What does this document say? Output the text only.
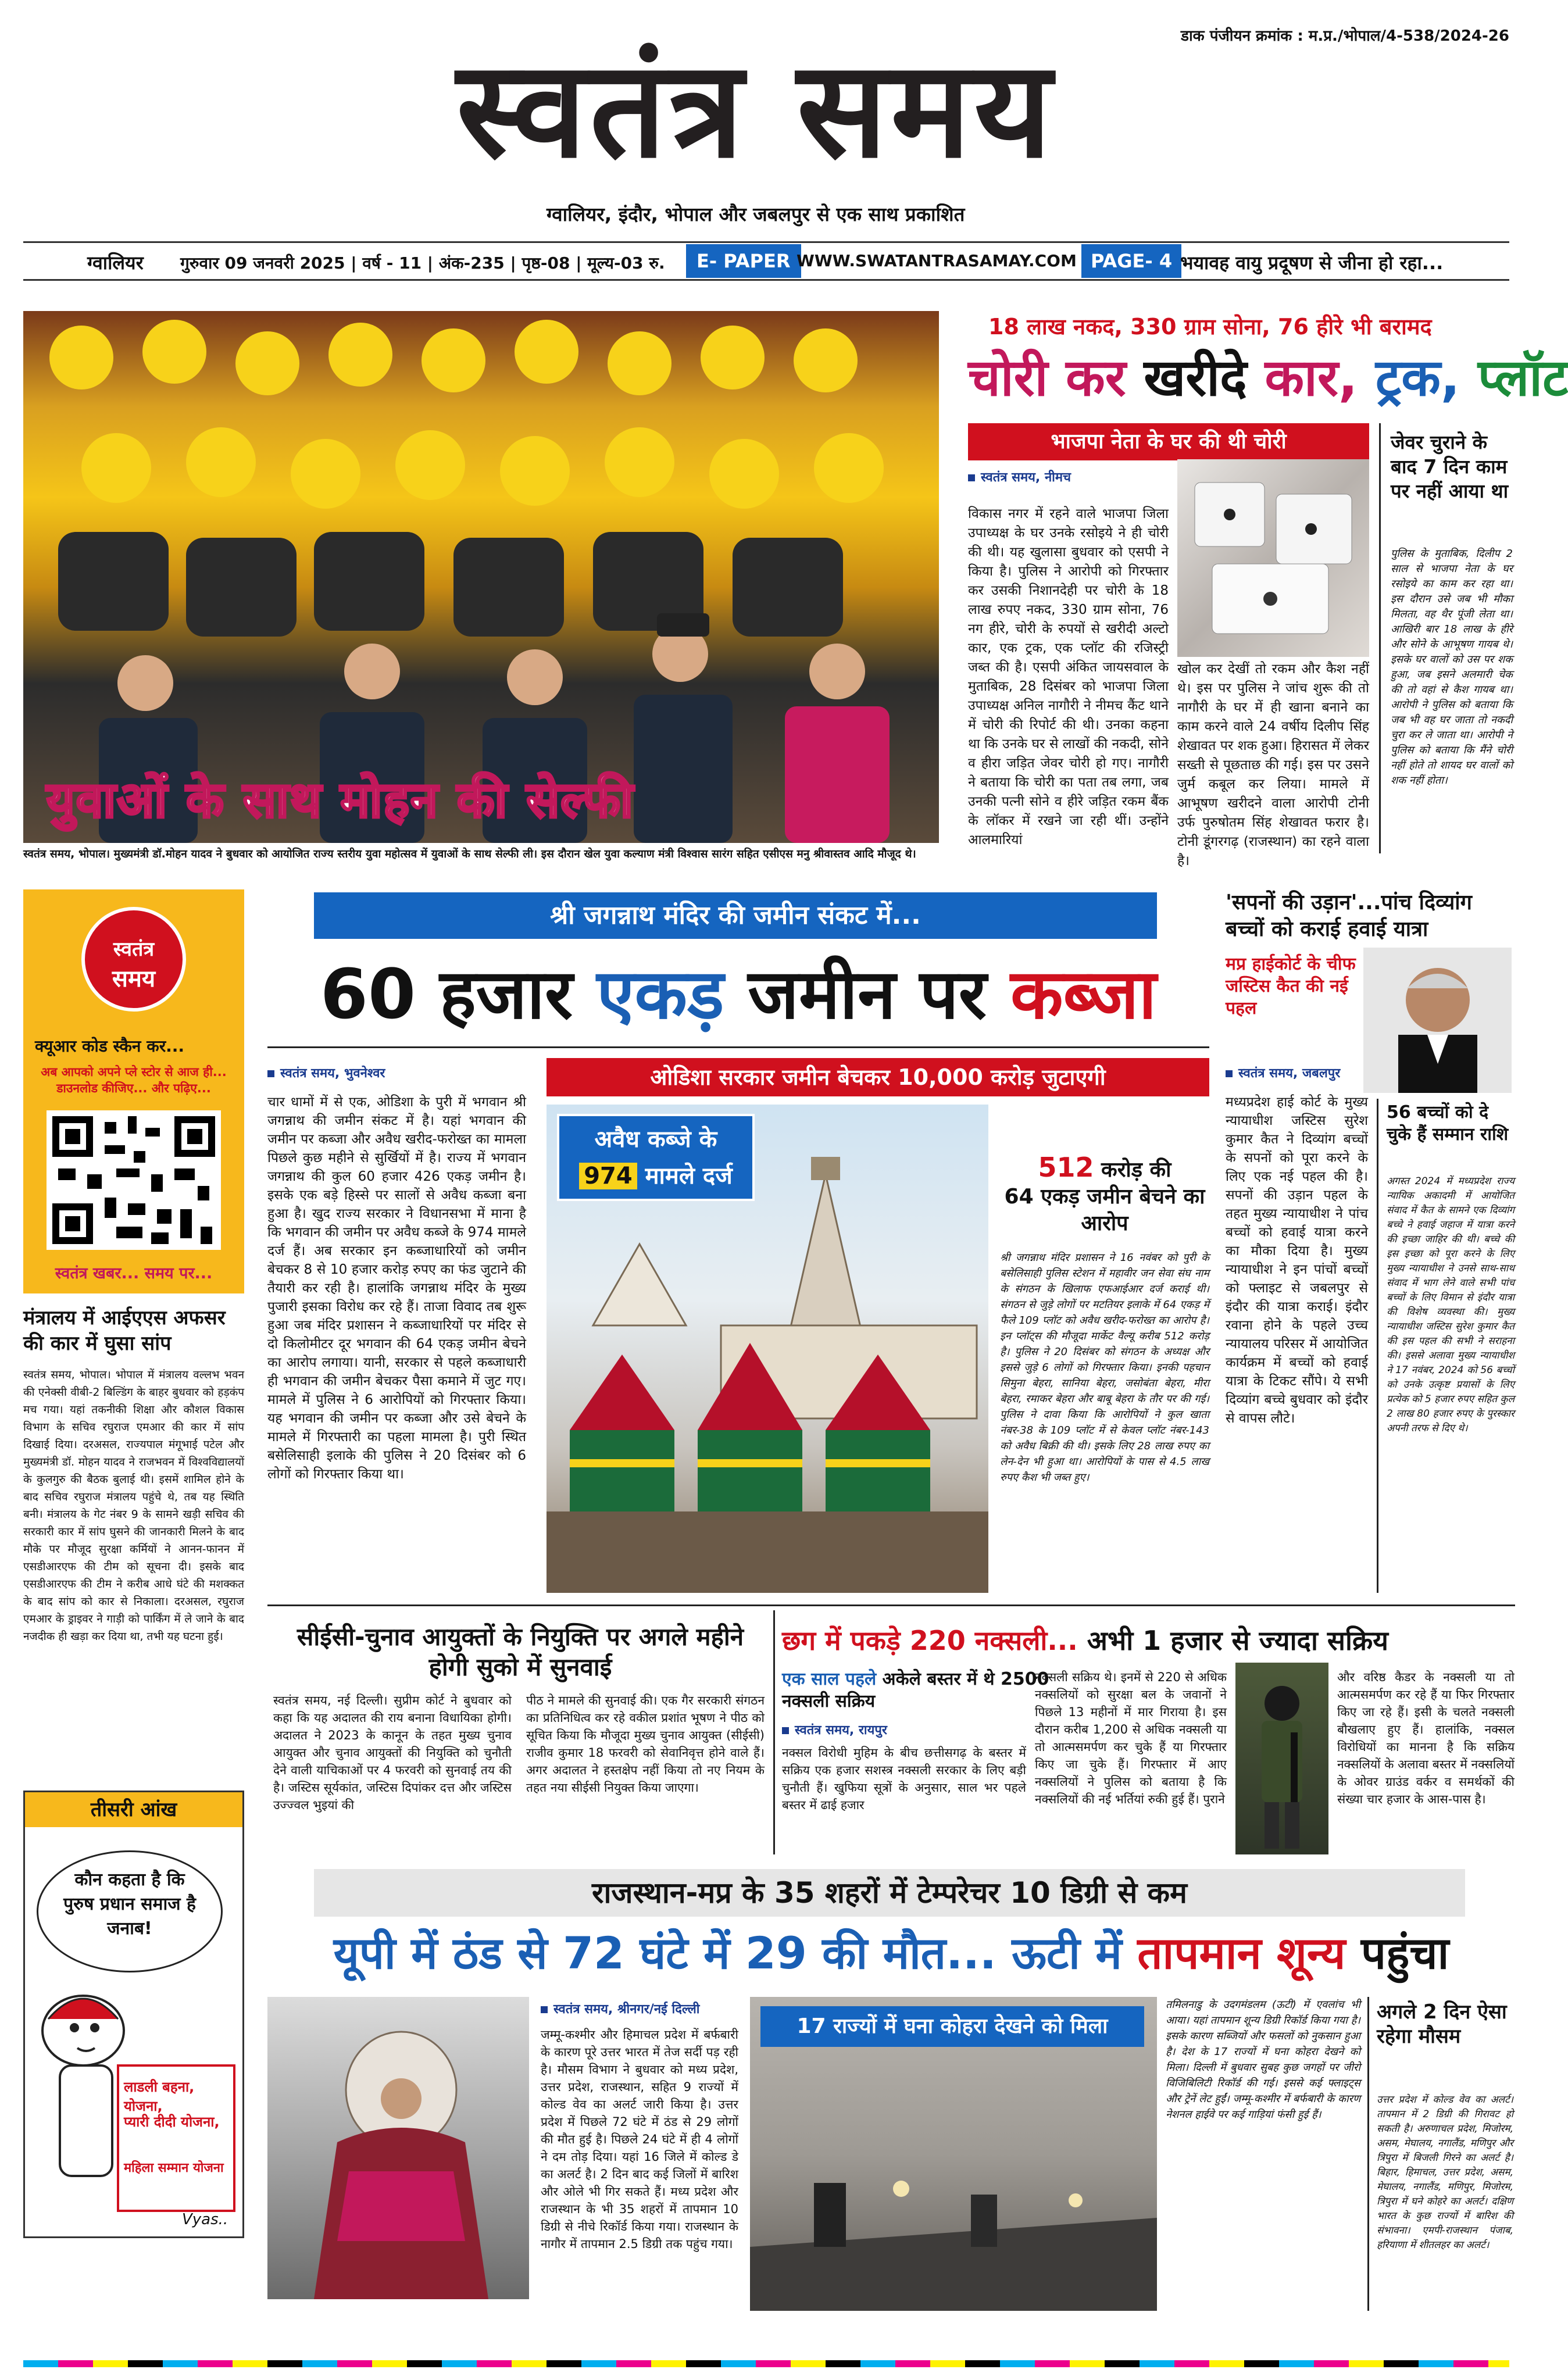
डाक पंजीयन क्रमांक : म.प्र./भोपाल/4-538/2024-26
स्वतंत्र समय
ग्वालियर, इंदौर, भोपाल और जबलपुर से एक साथ प्रकाशित
ग्वालियर गुरुवार 09 जनवरी 2025 | वर्ष - 11 | अंक-235 | पृष्ठ-08 | मूल्य-03 रु.	E- PAPER WWW.SWATANTRASAMAY.COM PAGE- 4 भयावह वायु प्रदूषण से जीना हो रहा...
युवाओं के साथ मोहन की सेल्फी
स्वतंत्र समय, भोपाल। मुख्यमंत्री डॉ.मोहन यादव ने बुधवार को आयोजित राज्य स्तरीय युवा महोत्सव में युवाओं के साथ सेल्फी ली। इस दौरान खेल युवा कल्याण मंत्री विश्वास सारंग सहित एसीएस मनु श्रीवास्तव आदि मौजूद थे।
18 लाख नकद, 330 ग्राम सोना, 76 हीरे भी बरामद
चोरी कर खरीदे कार, ट्रक, प्लॉट
भाजपा नेता के घर की थी चोरी
स्वतंत्र समय, नीमच
विकास नगर में रहने वाले भाजपा जिला उपाध्यक्ष के घर उनके रसोइये ने ही चोरी की थी। यह खुलासा बुधवार को एसपी ने किया है। पुलिस ने आरोपी को गिरफ्तार कर उसकी निशानदेही पर चोरी के 18 लाख रुपए नकद, 330 ग्राम सोना, 76 नग हीरे, चोरी के रुपयों से खरीदी अल्टो कार, एक ट्रक, एक प्लॉट की रजिस्ट्री जब्त की है। एसपी अंकित जायसवाल के मुताबिक, 28 दिसंबर को भाजपा जिला उपाध्यक्ष अनिल नागौरी ने नीमच कैंट थाने में चोरी की रिपोर्ट की थी। उनका कहना था कि उनके घर से लाखों की नकदी, सोने व हीरा जड़ित जेवर चोरी हो गए। नागौरी ने बताया कि चोरी का पता तब लगा, जब उनकी पत्नी सोने व हीरे जड़ित रकम बैंक के लॉकर में रखने जा रही थीं। उन्होंने आलमारियां
खोल कर देखीं तो रकम और कैश नहीं थे। इस पर पुलिस ने जांच शुरू की तो नागौरी के घर में ही खाना बनाने का काम करने वाले 24 वर्षीय दिलीप सिंह शेखावत पर शक हुआ। हिरासत में लेकर सख्ती से पूछताछ की गई। इस पर उसने जुर्म कबूल कर लिया। मामले में आभूषण खरीदने वाला आरोपी टोनी उर्फ पुरुषोतम सिंह शेखावत फरार है। टोनी डूंगरगढ़ (राजस्थान) का रहने वाला है।
जेवर चुराने के बाद 7 दिन काम पर नहीं आया था
पुलिस के मुताबिक, दिलीप 2 साल से भाजपा नेता के घर रसोइये का काम कर रहा था। इस दौरान उसे जब भी मौका मिलता, वह थैर पूंजी लेता था। आखिरी बार 18 लाख के हीरे और सोने के आभूषण गायब थे। इसके घर वालों को उस पर शक हुआ, जब इसने अलमारी चेक की तो वहां से कैश गायब था। आरोपी ने पुलिस को बताया कि जब भी वह घर जाता तो नकदी चुरा कर ले जाता था। आरोपी ने पुलिस को बताया कि मैंने चोरी नहीं होते तो शायद घर वालों को शक नहीं होता।
स्वतंत्र
समय
क्यूआर कोड स्कैन कर...
अब आपको अपने प्ले स्टोर से आज ही... डाउनलोड कीजिए... और पढ़िए...
स्वतंत्र खबर... समय पर...
मंत्रालय में आईएएस अफसर की कार में घुसा सांप
स्वतंत्र समय, भोपाल। भोपाल में मंत्रालय वल्लभ भवन की एनेक्सी वीबी-2 बिल्डिंग के बाहर बुधवार को हड़कंप मच गया। यहां तकनीकी शिक्षा और कौशल विकास विभाग के सचिव रघुराज एमआर की कार में सांप दिखाई दिया। दरअसल, राज्यपाल मंगूभाई पटेल और मुख्यमंत्री डॉ. मोहन यादव ने राजभवन में विश्वविद्यालयों के कुलगुरु की बैठक बुलाई थी। इसमें शामिल होने के बाद सचिव रघुराज मंत्रालय पहुंचे थे, तब यह स्थिति बनी। मंत्रालय के गेट नंबर 9 के सामने खड़ी सचिव की सरकारी कार में सांप घुसने की जानकारी मिलने के बाद मौके पर मौजूद सुरक्षा कर्मियों ने आनन-फानन में एसडीआरएफ की टीम को सूचना दी। इसके बाद एसडीआरएफ की टीम ने करीब आधे घंटे की मशक्कत के बाद सांप को कार से निकाला। दरअसल, रघुराज एमआर के ड्राइवर ने गाड़ी को पार्किंग में ले जाने के बाद नजदीक ही खड़ा कर दिया था, तभी यह घटना हुई।
तीसरी आंख
कौन कहता है कि पुरुष प्रधान समाज है जनाब!
लाडली बहना, योजना,
प्यारी दीदी योजना,
महिला सम्मान योजना
Vyas..
श्री जगन्नाथ मंदिर की जमीन संकट में...
60 हजार एकड़ जमीन पर कब्जा
स्वतंत्र समय, भुवनेश्वर
चार धामों में से एक, ओडिशा के पुरी में भगवान श्री जगन्नाथ की जमीन संकट में है। यहां भगवान की जमीन पर कब्जा और अवैध खरीद-फरोख्त का मामला पिछले कुछ महीने से सुर्खियों में है। राज्य में भगवान जगन्नाथ की कुल 60 हजार 426 एकड़ जमीन है। इसके एक बड़े हिस्से पर सालों से अवैध कब्जा बना हुआ है। खुद राज्य सरकार ने विधानसभा में माना है कि भगवान की जमीन पर अवैध कब्जे के 974 मामले दर्ज हैं। अब सरकार इन कब्जाधारियों को जमीन बेचकर 8 से 10 हजार करोड़ रुपए का फंड जुटाने की तैयारी कर रही है। हालांकि जगन्नाथ मंदिर के मुख्य पुजारी इसका विरोध कर रहे हैं। ताजा विवाद तब शुरू हुआ जब मंदिर प्रशासन ने कब्जाधारियों पर मंदिर से दो किलोमीटर दूर भगवान की 64 एकड़ जमीन बेचने का आरोप लगाया। यानी, सरकार से पहले कब्जाधारी ही भगवान की जमीन बेचकर पैसा कमाने में जुट गए। मामले में पुलिस ने 6 आरोपियों को गिरफ्तार किया। यह भगवान की जमीन पर कब्जा और उसे बेचने के मामले में गिरफ्तारी का पहला मामला है। पुरी स्थित बसेलिसाही इलाके की पुलिस ने 20 दिसंबर को 6 लोगों को गिरफ्तार किया था।
ओडिशा सरकार जमीन बेचकर 10,000 करोड़ जुटाएगी
अवैध कब्जे के
974 मामले दर्ज	512 करोड़ की
64 एकड़ जमीन बेचने का आरोप
श्री जगन्नाथ मंदिर प्रशासन ने 16 नवंबर को पुरी के बसेलिसाही पुलिस स्टेशन में महावीर जन सेवा संघ नाम के संगठन के खिलाफ एफआईआर दर्ज कराई थी। संगठन से जुड़े लोगों पर मटतियर इलाके में 64 एकड़ में फैले 109 प्लॉट को अवैध खरीद-फरोख्त का आरोप है। इन प्लॉट्स की मौजूदा मार्केट वैल्यू करीब 512 करोड़ है। पुलिस ने 20 दिसंबर को संगठन के अध्यक्ष और इससे जुड़े 6 लोगों को गिरफ्तार किया। इनकी पहचान सिमुना बेहरा, सानिया बेहरा, जसोबंता बेहरा, मीरा बेहरा, रमाकर बेहरा और बाबू बेहरा के तौर पर की गई। पुलिस ने दावा किया कि आरोपियों ने कुल खाता नंबर-38 के 109 प्लॉट में से केवल प्लॉट नंबर-143 को अवैध बिक्री की थी। इसके लिए 28 लाख रुपए का लेन-देन भी हुआ था। आरोपियों के पास से 4.5 लाख रुपए कैश भी जब्त हुए।
'सपनों की उड़ान'...पांच दिव्यांग बच्चों को कराई हवाई यात्रा
मप्र हाईकोर्ट के चीफ जस्टिस कैत की नई पहल
स्वतंत्र समय, जबलपुर
मध्यप्रदेश हाई कोर्ट के मुख्य न्यायाधीश जस्टिस सुरेश कुमार कैत ने दिव्यांग बच्चों के सपनों को पूरा करने के लिए एक नई पहल की है। सपनों की उड़ान पहल के तहत मुख्य न्यायाधीश ने पांच बच्चों को हवाई यात्रा करने का मौका दिया है। मुख्य न्यायाधीश ने इन पांचों बच्चों को फ्लाइट से जबलपुर से इंदौर की यात्रा कराई। इंदौर रवाना होने के पहले उच्च न्यायालय परिसर में आयोजित कार्यक्रम में बच्चों को हवाई यात्रा के टिकट सौंपे। ये सभी दिव्यांग बच्चे बुधवार को इंदौर से वापस लौटे।
56 बच्चों को दे चुके हैं सम्मान राशि
अगस्त 2024 में मध्यप्रदेश राज्य न्यायिक अकादमी में आयोजित संवाद में कैत के सामने एक दिव्यांग बच्चे ने हवाई जहाज में यात्रा करने की इच्छा जाहिर की थी। बच्चे की इस इच्छा को पूरा करने के लिए मुख्य न्यायाधीश ने उनसे साथ-साथ संवाद में भाग लेने वाले सभी पांच बच्चों के लिए विमान से इंदौर यात्रा की विशेष व्यवस्था की। मुख्य न्यायाधीश जस्टिस सुरेश कुमार कैत की इस पहल की सभी ने सराहना की। इससे अलावा मुख्य न्यायाधीश ने 17 नवंबर, 2024 को 56 बच्चों को उनके उत्कृष्ट प्रयासों के लिए प्रत्येक को 5 हजार रुपए सहित कुल 2 लाख 80 हजार रुपए के पुरस्कार अपनी तरफ से दिए थे।
सीईसी-चुनाव आयुक्तों के नियुक्ति पर अगले महीने होगी सुको में सुनवाई
स्वतंत्र समय, नई दिल्ली। सुप्रीम कोर्ट ने बुधवार को कहा कि यह अदालत की राय बनाना विधायिका होगी। अदालत ने 2023 के कानून के तहत मुख्य चुनाव आयुक्त और चुनाव आयुक्तों की नियुक्ति को चुनौती देने वाली याचिकाओं पर 4 फरवरी को सुनवाई तय की है। जस्टिस सूर्यकांत, जस्टिस दिपांकर दत्त और जस्टिस उज्ज्वल भुइयां की
पीठ ने मामले की सुनवाई की। एक गैर सरकारी संगठन का प्रतिनिधित्व कर रहे वकील प्रशांत भूषण ने पीठ को सूचित किया कि मौजूदा मुख्य चुनाव आयुक्त (सीईसी) राजीव कुमार 18 फरवरी को सेवानिवृत्त होने वाले हैं। अगर अदालत ने हस्तक्षेप नहीं किया तो नए नियम के तहत नया सीईसी नियुक्त किया जाएगा।
छग में पकड़े 220 नक्सली... अभी 1 हजार से ज्यादा सक्रिय
एक साल पहले अकेले बस्तर में थे 2500 नक्सली सक्रिय
स्वतंत्र समय, रायपुर
नक्सल विरोधी मुहिम के बीच छत्तीसगढ़ के बस्तर में सक्रिय एक हजार सशस्त्र नक्सली सरकार के लिए बड़ी चुनौती हैं। खुफिया सूत्रों के अनुसार, साल भर पहले बस्तर में ढाई हजार
नक्सली सक्रिय थे। इनमें से 220 से अधिक नक्सलियों को सुरक्षा बल के जवानों ने पिछले 13 महीनों में मार गिराया है। इस दौरान करीब 1,200 से अधिक नक्सली या तो आत्मसमर्पण कर चुके हैं या गिरफ्तार किए जा चुके हैं। गिरफ्तार में आए नक्सलियों ने पुलिस को बताया है कि नक्सलियों की नई भर्तियां रुकी हुई हैं। पुराने
और वरिष्ठ कैडर के नक्सली या तो आत्मसमर्पण कर रहे हैं या फिर गिरफ्तार किए जा रहे हैं। इसी के चलते नक्सली बौखलाए हुए हैं। हालांकि, नक्सल विरोधियों का मानना है कि सक्रिय नक्सलियों के अलावा बस्तर में नक्सलियों के ओवर ग्राउंड वर्कर व समर्थकों की संख्या चार हजार के आस-पास है।
राजस्थान-मप्र के 35 शहरों में टेम्परेचर 10 डिग्री से कम
यूपी में ठंड से 72 घंटे में 29 की मौत... ऊटी में तापमान शून्य पहुंचा
स्वतंत्र समय, श्रीनगर/नई दिल्ली
जम्मू-कश्मीर और हिमाचल प्रदेश में बर्फबारी के कारण पूरे उत्तर भारत में तेज सर्दी पड़ रही है। मौसम विभाग ने बुधवार को मध्य प्रदेश, उत्तर प्रदेश, राजस्थान, सहित 9 राज्यों में कोल्ड वेव का अलर्ट जारी किया है। उत्तर प्रदेश में पिछले 72 घंटे में ठंड से 29 लोगों की मौत हुई है। पिछले 24 घंटे में ही 4 लोगों ने दम तोड़ दिया। यहां 16 जिले में कोल्ड डे का अलर्ट है। 2 दिन बाद कई जिलों में बारिश और ओले भी गिर सकते हैं। मध्य प्रदेश और राजस्थान के भी 35 शहरों में तापमान 10 डिग्री से नीचे रिकॉर्ड किया गया। राजस्थान के नागौर में तापमान 2.5 डिग्री तक पहुंच गया।
17 राज्यों में घना कोहरा देखने को मिला
तमिलनाडु के उदगमंडलम (ऊटी) में एवलांच भी आया। यहां तापमान शून्य डिग्री रिकॉर्ड किया गया है। इसके कारण सब्जियों और फसलों को नुकसान हुआ है। देश के 17 राज्यों में घना कोहरा देखने को मिला। दिल्ली में बुधवार सुबह कुछ जगहों पर जीरो विजिबिलिटी रिकॉर्ड की गई। इससे कई फ्लाइट्स और ट्रेनें लेट हुईं। जम्मू-कश्मीर में बर्फबारी के कारण नेशनल हाईवे पर कई गाड़ियां फंसी हुई हैं।
अगले 2 दिन ऐसा रहेगा मौसम
उत्तर प्रदेश में कोल्ड वेव का अलर्ट। तापमान में 2 डिग्री की गिरावट हो सकती है। अरुणाचल प्रदेश, मिजोरम, असम, मेघालय, नगालैंड, मणिपुर और त्रिपुरा में बिजली गिरने का अलर्ट है। बिहार, हिमाचल, उत्तर प्रदेश, असम, मेघालय, नगालैंड, मणिपुर, मिजोरम, त्रिपुरा में घने कोहरे का अलर्ट। दक्षिण भारत के कुछ राज्यों में बारिश की संभावना। एमपी-राजस्थान पंजाब, हरियाणा में शीतलहर का अलर्ट।
